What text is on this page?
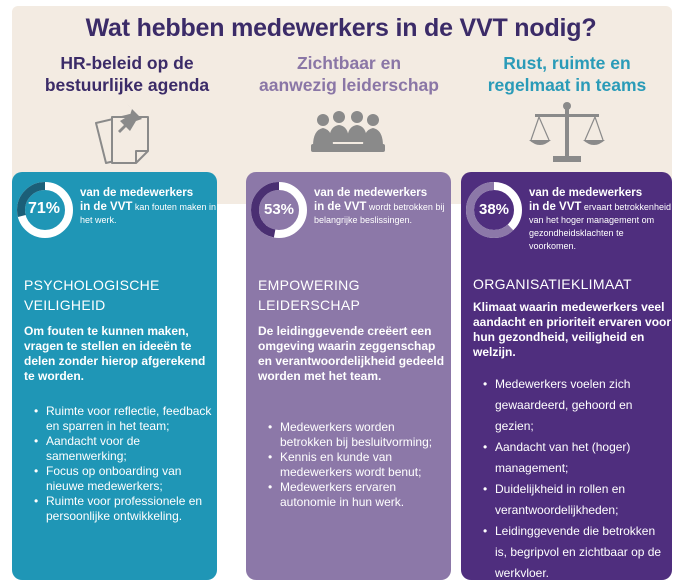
Wat hebben medewerkers in de VVT nodig?
HR-beleid op de
bestuurlijke agenda
Zichtbaar en
aanwezig leiderschap
Rust, ruimte en
regelmaat in teams
71%
van de medewerkers
in de VVT kan fouten maken in het werk.
PSYCHOLOGISCHE
VEILIGHEID
Om fouten te kunnen maken, vragen te stellen en ideeën te delen zonder hierop afgerekend te worden.
• Ruimte voor reflectie, feedback en sparren in het team;
• Aandacht voor de samenwerking;
• Focus op onboarding van nieuwe medewerkers;
• Ruimte voor professionele en persoonlijke ontwikkeling.
53%
van de medewerkers
in de VVT wordt betrokken bij belangrijke beslissingen.
EMPOWERING
LEIDERSCHAP
De leidinggevende creëert een omgeving waarin zeggenschap en verantwoordelijkheid gedeeld worden met het team.
• Medewerkers worden betrokken bij besluitvorming;
• Kennis en kunde van medewerkers wordt benut;
• Medewerkers ervaren autonomie in hun werk.
38%
van de medewerkers
in de VVT ervaart betrokkenheid van het hoger management om gezondheidsklachten te voorkomen.
ORGANISATIEKLIMAAT
Klimaat waarin medewerkers veel aandacht en prioriteit ervaren voor hun gezondheid, veiligheid en welzijn.
• Medewerkers voelen zich gewaardeerd, gehoord en gezien;
• Aandacht van het (hoger) management;
• Duidelijkheid in rollen en verantwoordelijkheden;
• Leidinggevende die betrokken is, begripvol en zichtbaar op de werkvloer.
